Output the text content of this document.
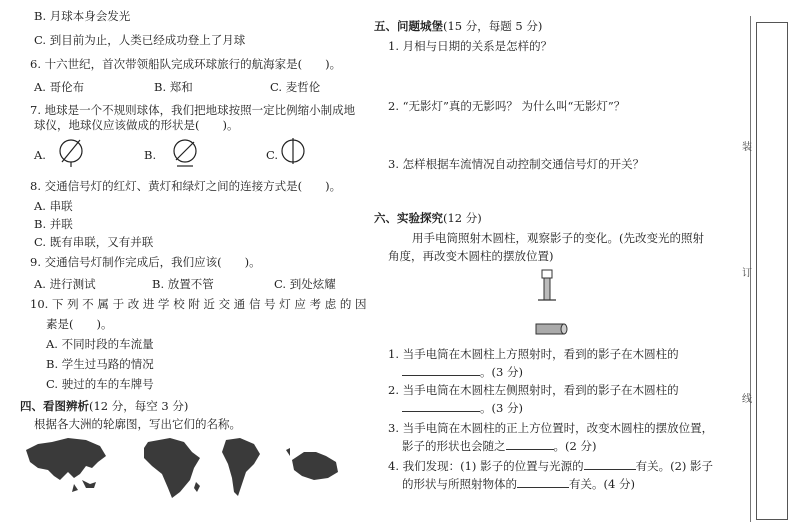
B. 月球本身会发光
C. 到目前为止，人类已经成功登上了月球
6. 十六世纪，首次带领船队完成环球旅行的航海家是(　　)。
A. 哥伦布	B. 郑和	C. 麦哲伦
7. 地球是一个不规则球体，我们把地球按照一定比例缩小制成地
球仪，地球仪应该做成的形状是(　　)。
A.	B.	C.
8. 交通信号灯的红灯、黄灯和绿灯之间的连接方式是(　　)。
A. 串联
B. 并联
C. 既有串联，又有并联
9. 交通信号灯制作完成后，我们应该(　　)。
A. 进行测试	B. 放置不管	C. 到处炫耀
10. 下 列 不 属 于 改 进 学 校 附 近 交 通 信 号 灯 应 考 虑 的 因
素是(　　)。
A. 不同时段的车流量
B. 学生过马路的情况
C. 驶过的车的车牌号
四、看图辨析(12 分，每空 3 分)
根据各大洲的轮廓图，写出它们的名称。
五、问题城堡(15 分，每题 5 分)
1. 月相与日期的关系是怎样的？
2. “无影灯”真的无影吗？ 为什么叫“无影灯”？
3. 怎样根据车流情况自动控制交通信号灯的开关？
六、实验探究(12 分)
用手电筒照射木圆柱，观察影子的变化。(先改变光的照射
角度，再改变木圆柱的摆放位置)
1. 当手电筒在木圆柱上方照射时，看到的影子在木圆柱的
。(3 分)
2. 当手电筒在木圆柱左侧照射时，看到的影子在木圆柱的
。(3 分)
3. 当手电筒在木圆柱的正上方位置时，改变木圆柱的摆放位置，
影子的形状也会随之	。(2 分)
4. 我们发现：(1) 影子的位置与光源的	有关。(2) 影子
的形状与所照射物体的	有关。(4 分)
装
订
线
